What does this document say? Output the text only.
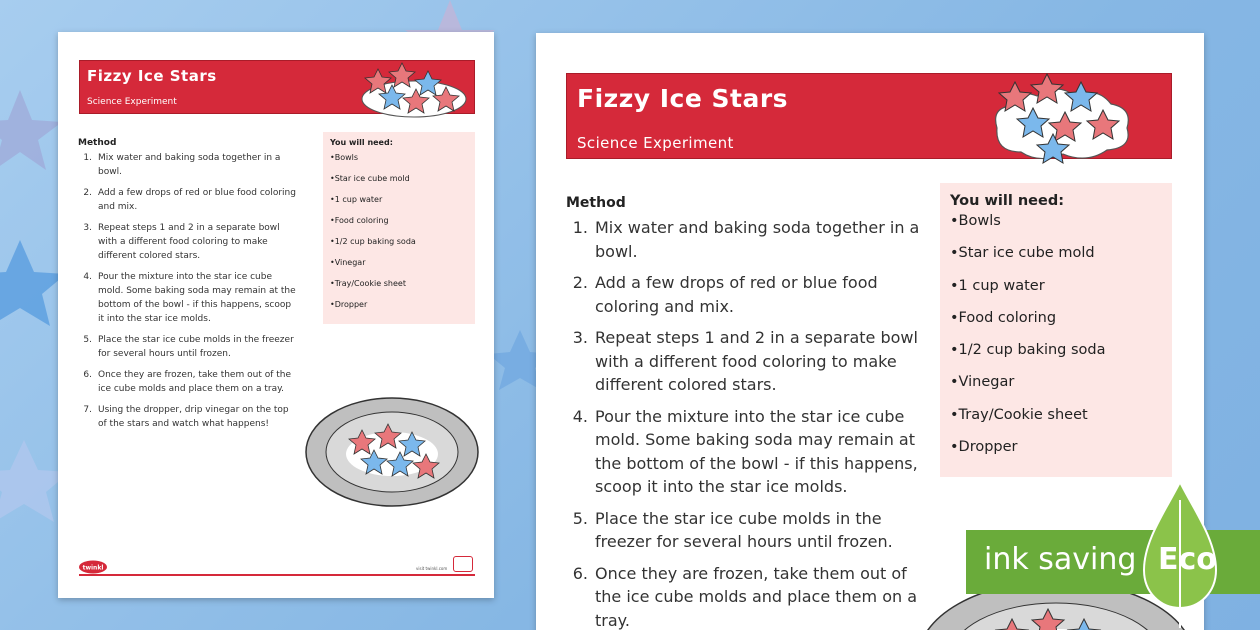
Fizzy Ice Stars
Science Experiment
Method
1. Mix water and baking soda together in a bowl.
2. Add a few drops of red or blue food coloring and mix.
3. Repeat steps 1 and 2 in a separate bowl with a different food coloring to make different colored stars.
4. Pour the mixture into the star ice cube mold. Some baking soda may remain at the bottom of the bowl - if this happens, scoop it into the star ice molds.
5. Place the star ice cube molds in the freezer for several hours until frozen.
6. Once they are frozen, take them out of the ice cube molds and place them on a tray.
7. Using the dropper, drip vinegar on the top of the stars and watch what happens!
You will need:
•Bowls
•Star ice cube mold
•1 cup water
•Food coloring
•1/2 cup baking soda
•Vinegar
•Tray/Cookie sheet
•Dropper
twinkl	visit twinkl.com
Fizzy Ice Stars
Science Experiment
Method
1. Mix water and baking soda together in a bowl.
2. Add a few drops of red or blue food coloring and mix.
3. Repeat steps 1 and 2 in a separate bowl with a different food coloring to make different colored stars.
4. Pour the mixture into the star ice cube mold. Some baking soda may remain at the bottom of the bowl - if this happens, scoop it into the star ice molds.
5. Place the star ice cube molds in the freezer for several hours until frozen.
6. Once they are frozen, take them out of the ice cube molds and place them on a tray.
You will need:
•Bowls
•Star ice cube mold
•1 cup water
•Food coloring
•1/2 cup baking soda
•Vinegar
•Tray/Cookie sheet
•Dropper
ink saving Eco
